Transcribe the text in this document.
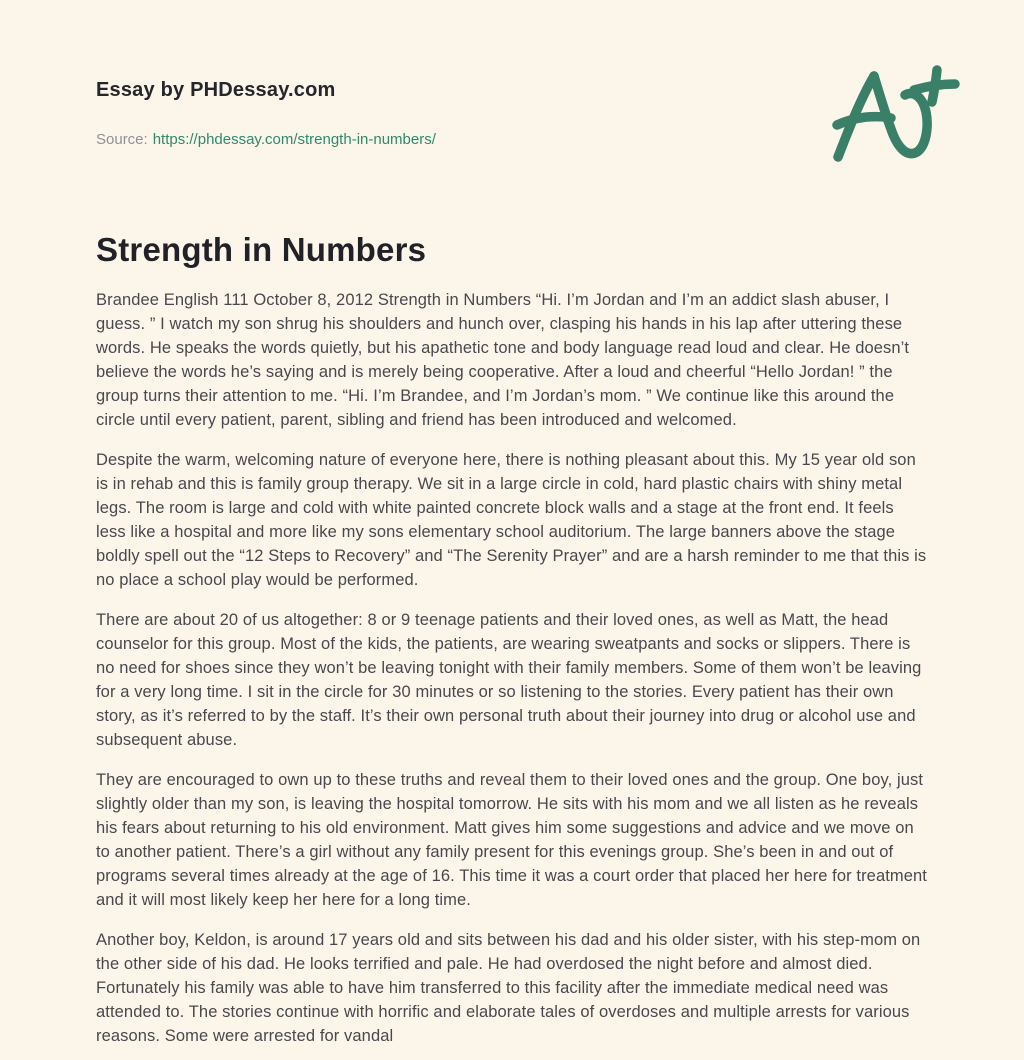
Essay by PHDessay.com
Source: https://phdessay.com/strength-in-numbers/
Strength in Numbers

Brandee English 111 October 8, 2012 Strength in Numbers “Hi. I’m Jordan and I’m an addict slash abuser, I guess. ” I watch my son shrug his shoulders and hunch over, clasping his hands in his lap after uttering these words. He speaks the words quietly, but his apathetic tone and body language read loud and clear. He doesn’t believe the words he’s saying and is merely being cooperative. After a loud and cheerful “Hello Jordan! ” the group turns their attention to me. “Hi. I’m Brandee, and I’m Jordan’s mom. ” We continue like this around the circle until every patient, parent, sibling and friend has been introduced and welcomed.

Despite the warm, welcoming nature of everyone here, there is nothing pleasant about this. My 15 year old son is in rehab and this is family group therapy. We sit in a large circle in cold, hard plastic chairs with shiny metal legs. The room is large and cold with white painted concrete block walls and a stage at the front end. It feels less like a hospital and more like my sons elementary school auditorium. The large banners above the stage boldly spell out the “12 Steps to Recovery” and “The Serenity Prayer” and are a harsh reminder to me that this is no place a school play would be performed.

There are about 20 of us altogether: 8 or 9 teenage patients and their loved ones, as well as Matt, the head counselor for this group. Most of the kids, the patients, are wearing sweatpants and socks or slippers. There is no need for shoes since they won’t be leaving tonight with their family members. Some of them won’t be leaving for a very long time. I sit in the circle for 30 minutes or so listening to the stories. Every patient has their own story, as it’s referred to by the staff. It’s their own personal truth about their journey into drug or alcohol use and subsequent abuse.

They are encouraged to own up to these truths and reveal them to their loved ones and the group. One boy, just slightly older than my son, is leaving the hospital tomorrow. He sits with his mom and we all listen as he reveals his fears about returning to his old environment. Matt gives him some suggestions and advice and we move on to another patient. There’s a girl without any family present for this evenings group. She’s been in and out of programs several times already at the age of 16. This time it was a court order that placed her here for treatment and it will most likely keep her here for a long time.

Another boy, Keldon, is around 17 years old and sits between his dad and his older sister, with his step-mom on the other side of his dad. He looks terrified and pale. He had overdosed the night before and almost died. Fortunately his family was able to have him transferred to this facility after the immediate medical need was attended to. The stories continue with horrific and elaborate tales of overdoses and multiple arrests for various reasons. Some were arrested for vandal
